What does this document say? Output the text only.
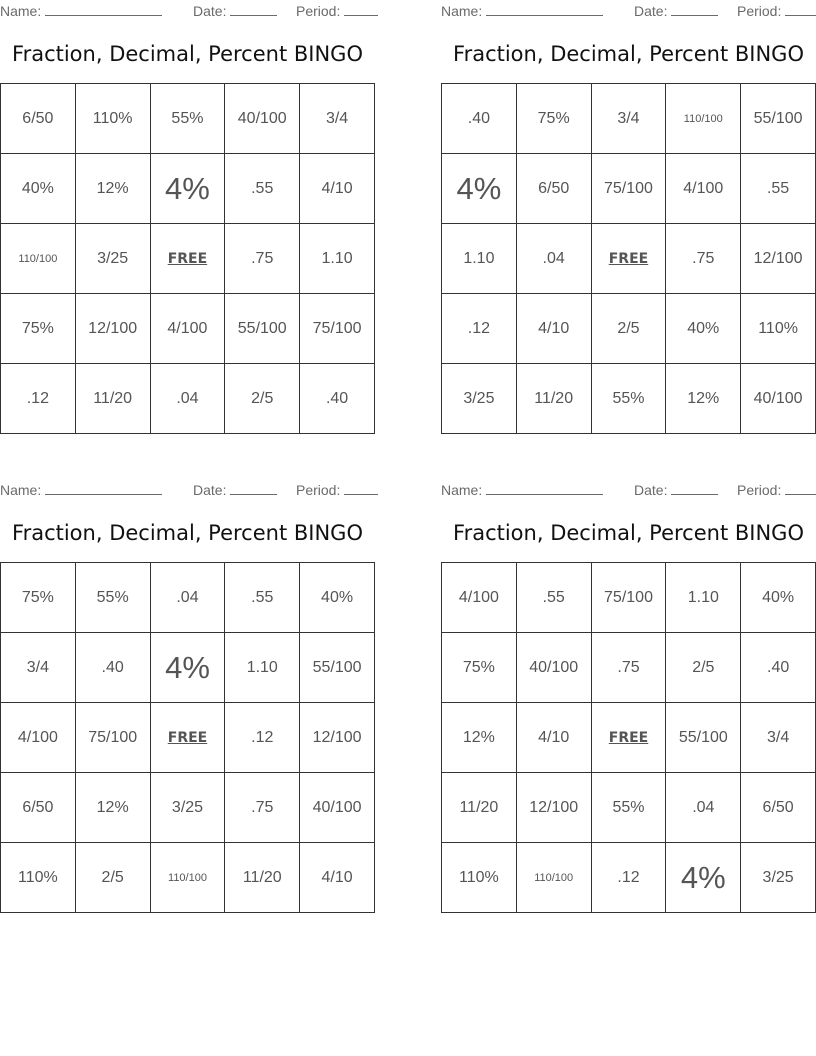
Name:	Date:	Period:
Fraction, Decimal, Percent BINGO
6/50	110%	55%	40/100	3/4
40%	12%	4%	.55	4/10
110/100	3/25	FREE	.75	1.10
75%	12/100	4/100	55/100	75/100
.12	11/20	.04	2/5	.40
Name:	Date:	Period:
Fraction, Decimal, Percent BINGO
.40	75%	3/4	110/100	55/100
4%	6/50	75/100	4/100	.55
1.10	.04	FREE	.75	12/100
.12	4/10	2/5	40%	110%
3/25	11/20	55%	12%	40/100
Name:	Date:	Period:
Fraction, Decimal, Percent BINGO
75%	55%	.04	.55	40%
3/4	.40	4%	1.10	55/100
4/100	75/100	FREE	.12	12/100
6/50	12%	3/25	.75	40/100
110%	2/5	110/100	11/20	4/10
Name:	Date:	Period:
Fraction, Decimal, Percent BINGO
4/100	.55	75/100	1.10	40%
75%	40/100	.75	2/5	.40
12%	4/10	FREE	55/100	3/4
11/20	12/100	55%	.04	6/50
110%	110/100	.12	4%	3/25
